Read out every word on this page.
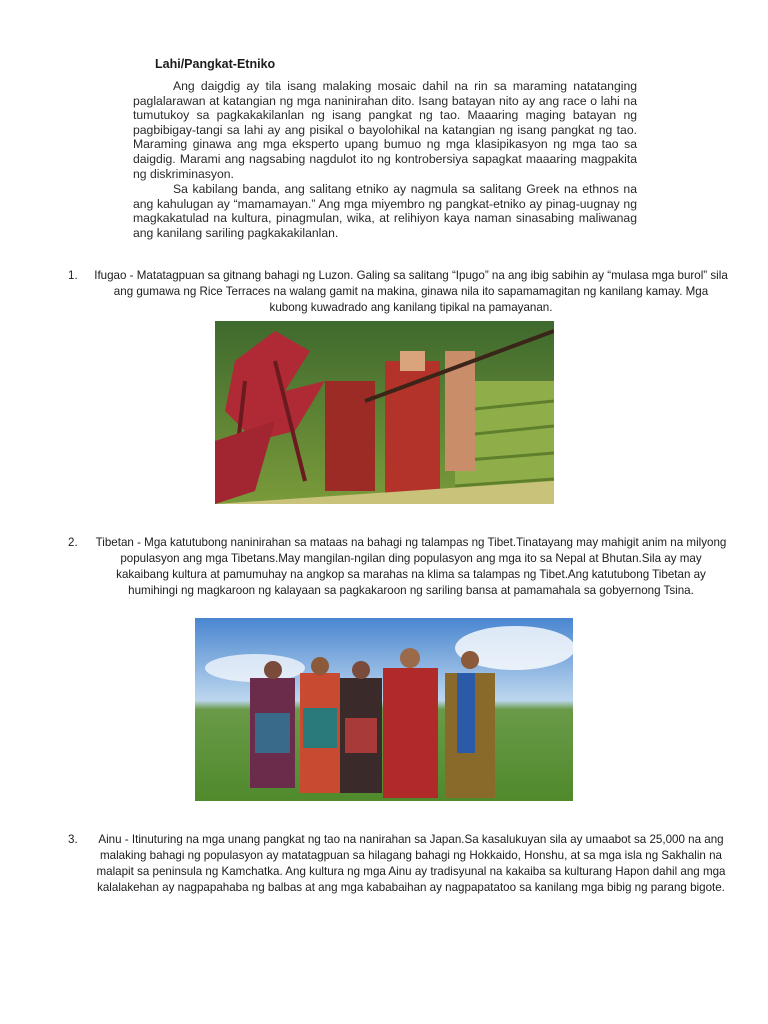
Lahi/Pangkat-Etniko

Ang daigdig ay tila isang malaking mosaic dahil na rin sa maraming natatanging paglalarawan at katangian ng mga naninirahan dito. Isang batayan nito ay ang race o lahi na tumutukoy sa pagkakakilanlan ng isang pangkat ng tao. Maaaring maging batayan ng pagbibigay-tangi sa lahi ay ang pisikal o bayolohikal na katangian ng isang pangkat ng tao. Maraming ginawa ang mga eksperto upang bumuo ng mga klasipikasyon ng mga tao sa daigdig. Marami ang nagsabing nagdulot ito ng kontrobersiya sapagkat maaaring magpakita ng diskriminasyon.

Sa kabilang banda, ang salitang etniko ay nagmula sa salitang Greek na ethnos na ang kahulugan ay “mamamayan.” Ang mga miyembro ng pangkat-etniko ay pinag-uugnay ng magkakatulad na kultura, pinagmulan, wika, at relihiyon kaya naman sinasabing maliwanag ang kanilang sariling pagkakakilanlan.

1. Ifugao - Matatagpuan sa gitnang bahagi ng Luzon. Galing sa salitang “Ipugo” na ang ibig sabihin ay “mulasa mga burol” sila ang gumawa ng Rice Terraces na walang gamit na makina, ginawa nila ito sapamamagitan ng kanilang kamay. Mga kubong kuwadrado ang kanilang tipikal na pamayanan.
2. Tibetan - Mga katutubong naninirahan sa mataas na bahagi ng talampas ng Tibet.Tinatayang may mahigit anim na milyong populasyon ang mga Tibetans.May mangilan-ngilan ding populasyon ang mga ito sa Nepal at Bhutan.Sila ay may kakaibang kultura at pamumuhay na angkop sa marahas na klima sa talampas ng Tibet.Ang katutubong Tibetan ay humihingi ng magkaroon ng kalayaan sa pagkakaroon ng sariling bansa at pamamahala sa gobyernong Tsina.
3.	Ainu - Itinuturing na mga unang pangkat ng tao na nanirahan sa Japan.Sa kasalukuyan sila ay umaabot sa 25,000 na ang malaking bahagi ng populasyon ay matatagpuan sa hilagang bahagi ng Hokkaido, Honshu, at sa mga isla ng Sakhalin na malapit sa peninsula ng Kamchatka. Ang kultura ng mga Ainu ay tradisyunal na kakaiba sa kulturang Hapon dahil ang mga kalalakehan ay nagpapahaba ng balbas at ang mga kababaihan ay nagpapatatoo sa kanilang mga bibig ng parang bigote.
